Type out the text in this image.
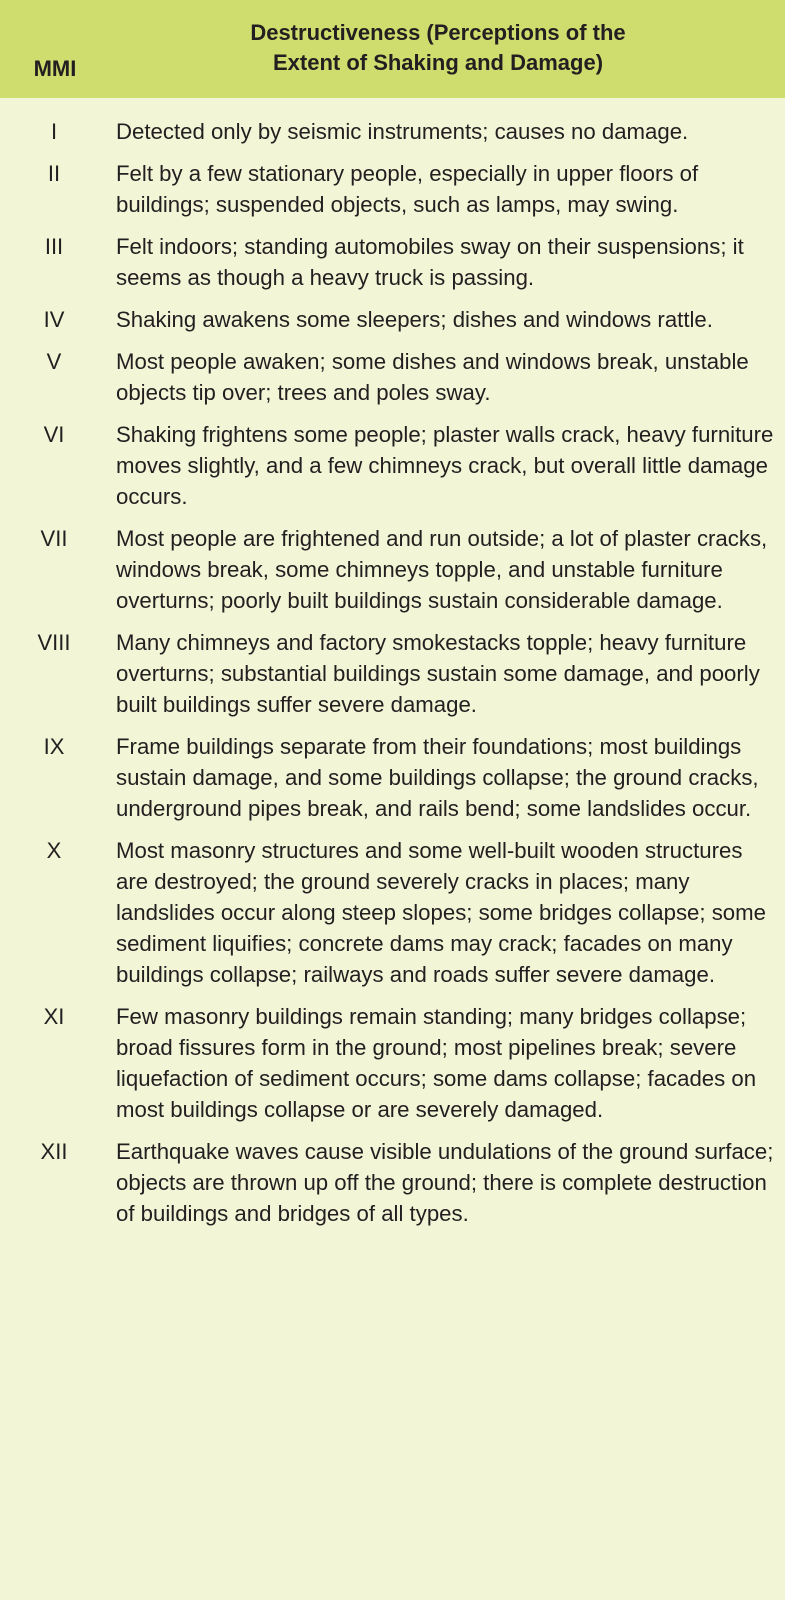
MMI
Destructiveness (Perceptions of the
Extent of Shaking and Damage)
I	Detected only by seismic instruments; causes no damage.
II	Felt by a few stationary people, especially in upper floors of buildings; suspended objects, such as lamps, may swing.
III	Felt indoors; standing automobiles sway on their suspensions; it seems as though a heavy truck is passing.
IV	Shaking awakens some sleepers; dishes and windows rattle.
V	Most people awaken; some dishes and windows break, unstable objects tip over; trees and poles sway.
VI	Shaking frightens some people; plaster walls crack, heavy furniture moves slightly, and a few chimneys crack, but overall little damage occurs.
VII	Most people are frightened and run outside; a lot of plaster cracks, windows break, some chimneys topple, and unstable furniture overturns; poorly built buildings sustain considerable damage.
VIII	Many chimneys and factory smokestacks topple; heavy furniture overturns; substantial buildings sustain some damage, and poorly built buildings suffer severe damage.
IX	Frame buildings separate from their foundations; most buildings sustain damage, and some buildings collapse; the ground cracks, underground pipes break, and rails bend; some landslides occur.
X	Most masonry structures and some well-built wooden structures are destroyed; the ground severely cracks in places; many landslides occur along steep slopes; some bridges collapse; some sediment liquifies; concrete dams may crack; facades on many buildings collapse; railways and roads suffer severe damage.
XI	Few masonry buildings remain standing; many bridges collapse; broad fissures form in the ground; most pipelines break; severe liquefaction of sediment occurs; some dams collapse; facades on most buildings collapse or are severely damaged.
XII	Earthquake waves cause visible undulations of the ground surface; objects are thrown up off the ground; there is complete destruction of buildings and bridges of all types.
